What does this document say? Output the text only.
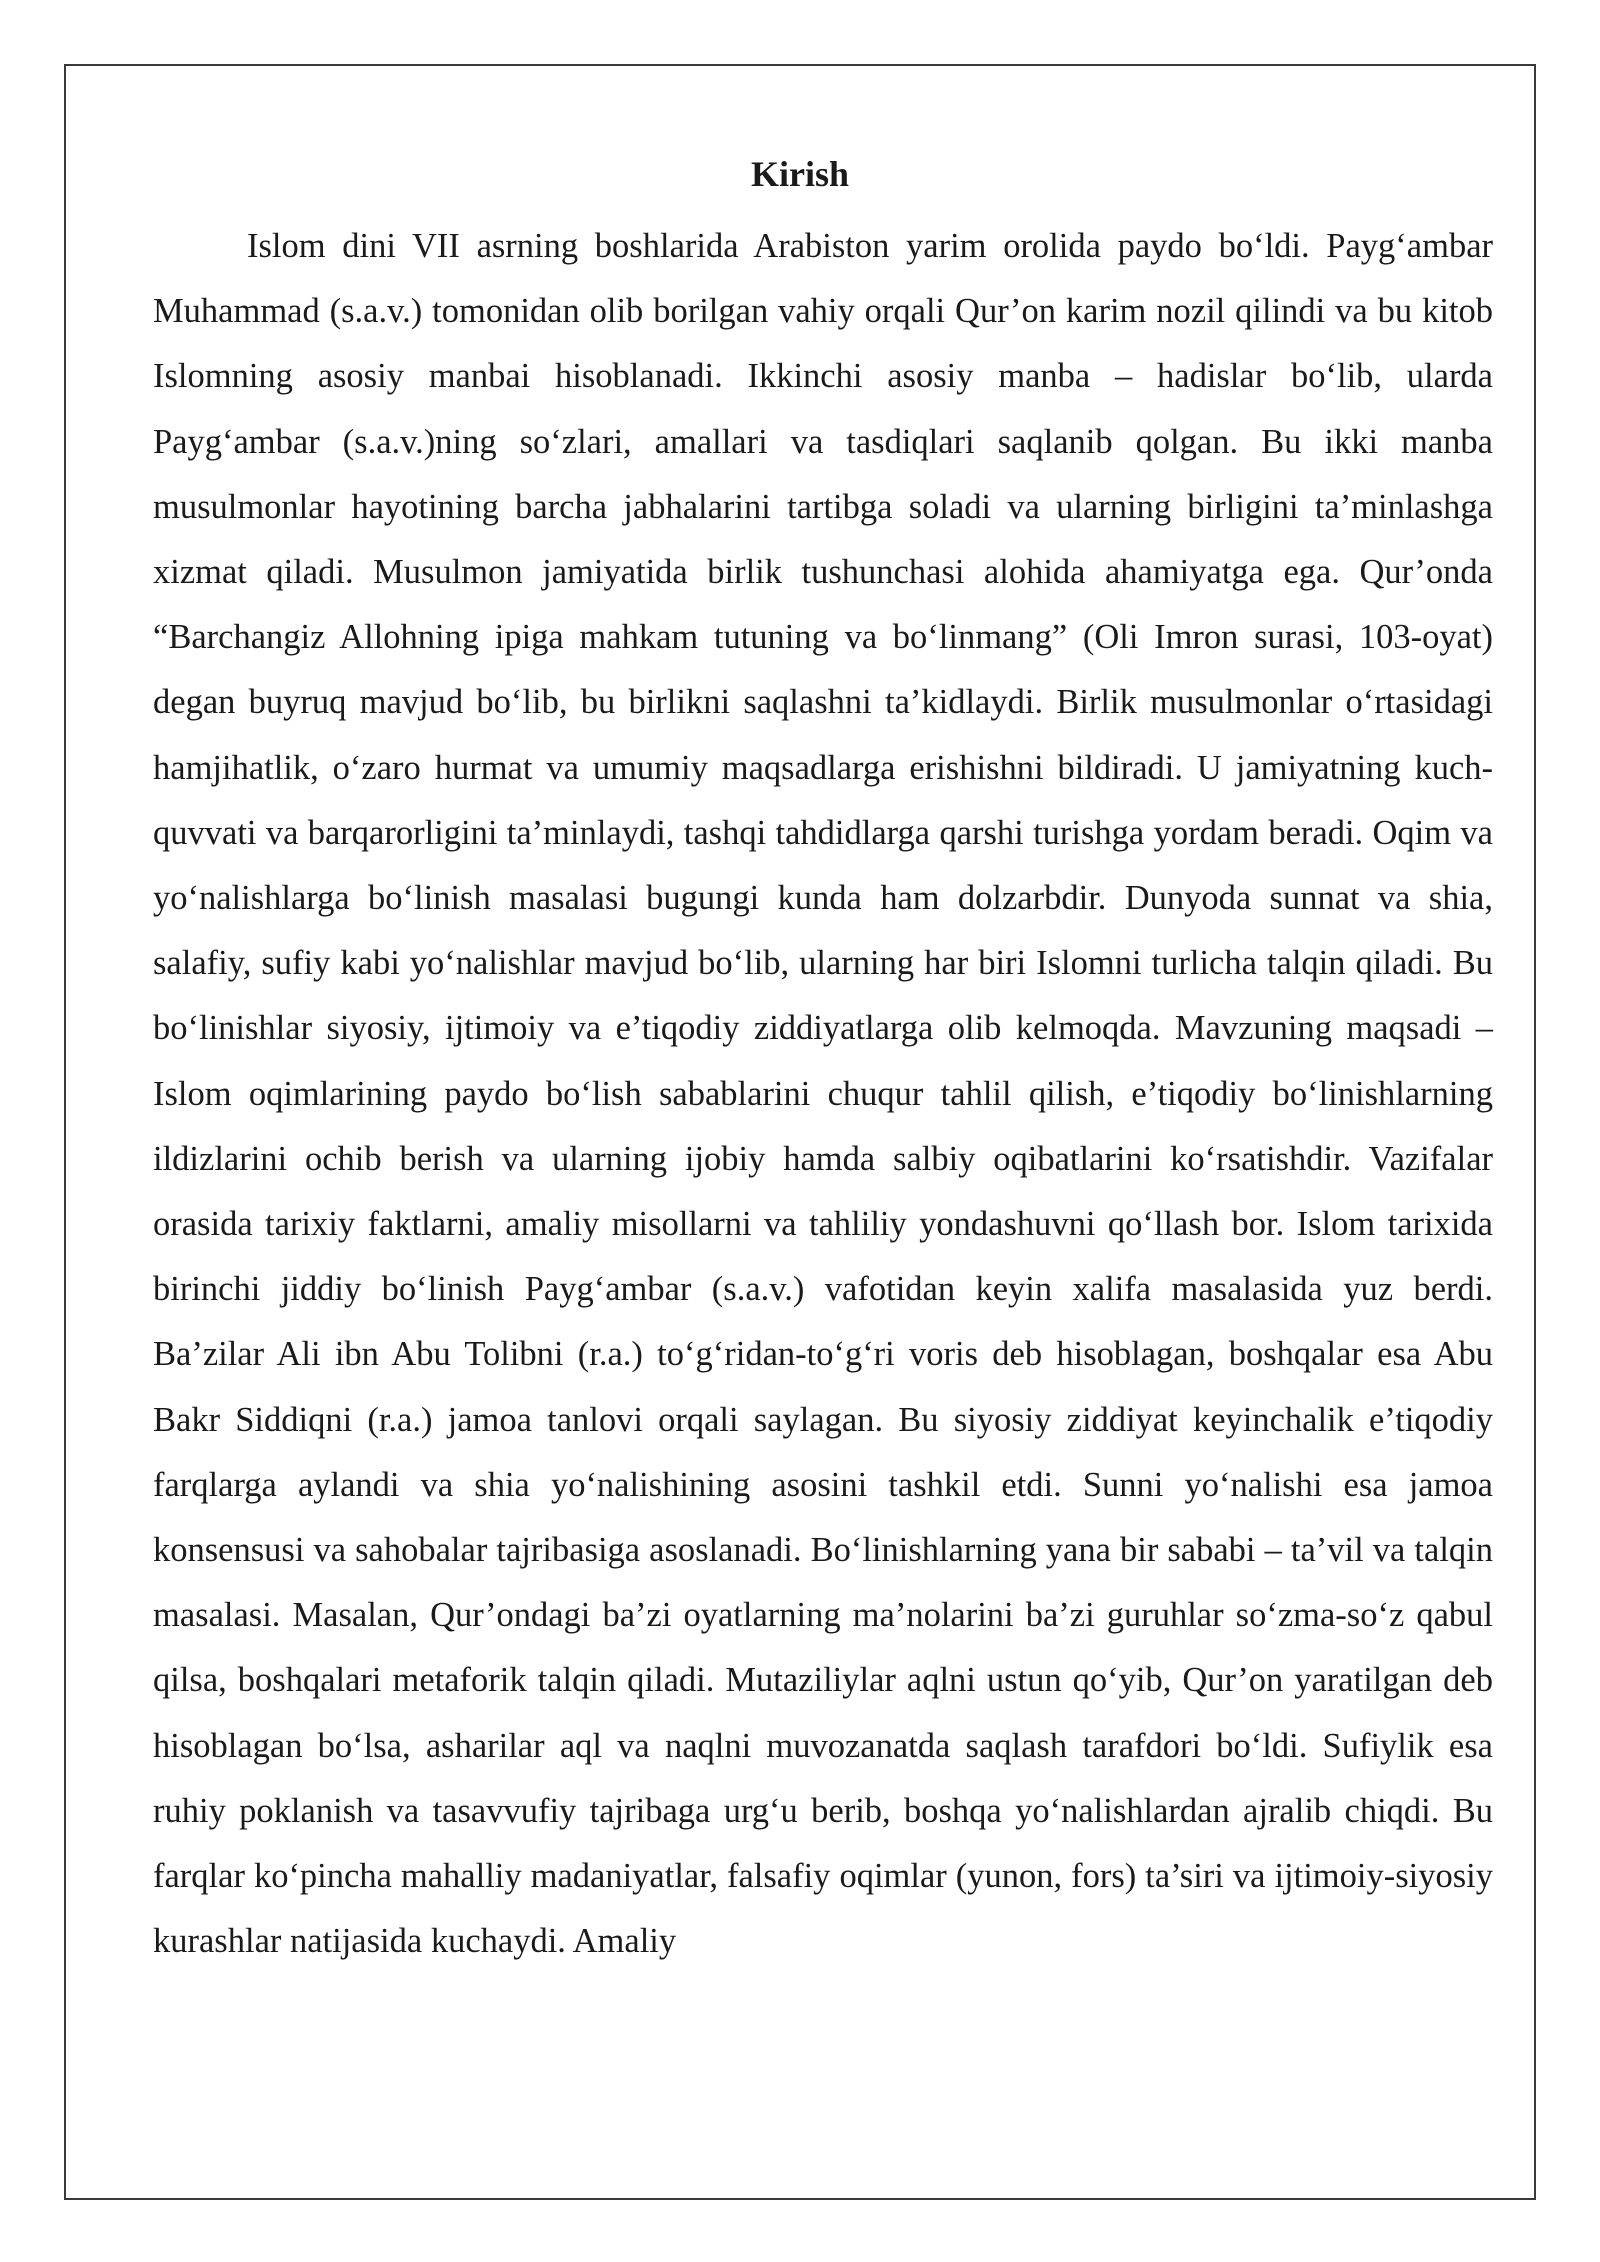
Kirish

Islom dini VII asrning boshlarida Arabiston yarim orolida paydo bo‘ldi. Payg‘ambar Muhammad (s.a.v.) tomonidan olib borilgan vahiy orqali Qur’on karim nozil qilindi va bu kitob Islomning asosiy manbai hisoblanadi. Ikkinchi asosiy manba – hadislar bo‘lib, ularda Payg‘ambar (s.a.v.)ning so‘zlari, amallari va tasdiqlari saqlanib qolgan. Bu ikki manba musulmonlar hayotining barcha jabhalarini tartibga soladi va ularning birligini ta’minlashga xizmat qiladi. Musulmon jamiyatida birlik tushunchasi alohida ahamiyatga ega. Qur’onda “Barchangiz Allohning ipiga mahkam tutuning va bo‘linmang” (Oli Imron surasi, 103-oyat) degan buyruq mavjud bo‘lib, bu birlikni saqlashni ta’kidlaydi. Birlik musulmonlar o‘rtasidagi hamjihatlik, o‘zaro hurmat va umumiy maqsadlarga erishishni bildiradi. U jamiyatning kuch-quvvati va barqarorligini ta’minlaydi, tashqi tahdidlarga qarshi turishga yordam beradi. Oqim va yo‘nalishlarga bo‘linish masalasi bugungi kunda ham dolzarbdir. Dunyoda sunnat va shia, salafiy, sufiy kabi yo‘nalishlar mavjud bo‘lib, ularning har biri Islomni turlicha talqin qiladi. Bu bo‘linishlar siyosiy, ijtimoiy va e’tiqodiy ziddiyatlarga olib kelmoqda. Mavzuning maqsadi – Islom oqimlarining paydo bo‘lish sabablarini chuqur tahlil qilish, e’tiqodiy bo‘linishlarning ildizlarini ochib berish va ularning ijobiy hamda salbiy oqibatlarini ko‘rsatishdir. Vazifalar orasida tarixiy faktlarni, amaliy misollarni va tahliliy yondashuvni qo‘llash bor. Islom tarixida birinchi jiddiy bo‘linish Payg‘ambar (s.a.v.) vafotidan keyin xalifa masalasida yuz berdi. Ba’zilar Ali ibn Abu Tolibni (r.a.) to‘g‘ridan-to‘g‘ri voris deb hisoblagan, boshqalar esa Abu Bakr Siddiqni (r.a.) jamoa tanlovi orqali saylagan. Bu siyosiy ziddiyat keyinchalik e’tiqodiy farqlarga aylandi va shia yo‘nalishining asosini tashkil etdi. Sunni yo‘nalishi esa jamoa konsensusi va sahobalar tajribasiga asoslanadi. Bo‘linishlarning yana bir sababi – ta’vil va talqin masalasi. Masalan, Qur’ondagi ba’zi oyatlarning ma’nolarini ba’zi guruhlar so‘zma-so‘z qabul qilsa, boshqalari metaforik talqin qiladi. Mutaziliylar aqlni ustun qo‘yib, Qur’on yaratilgan deb hisoblagan bo‘lsa, asharilar aql va naqlni muvozanatda saqlash tarafdori bo‘ldi. Sufiylik esa ruhiy poklanish va tasavvufiy tajribaga urg‘u berib, boshqa yo‘nalishlardan ajralib chiqdi. Bu farqlar ko‘pincha mahalliy madaniyatlar, falsafiy oqimlar (yunon, fors) ta’siri va ijtimoiy-siyosiy kurashlar natijasida kuchaydi. Amaliy
